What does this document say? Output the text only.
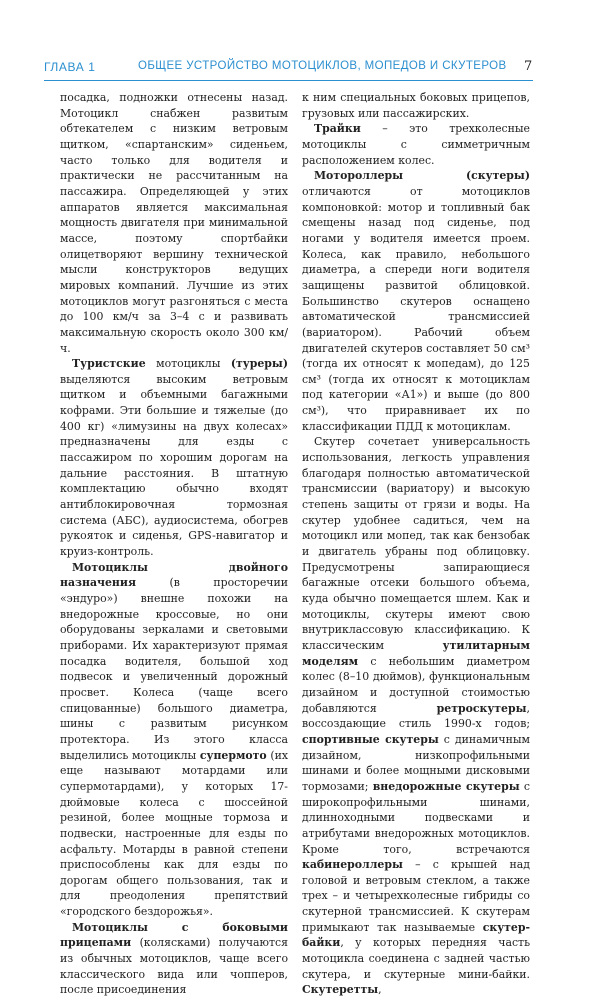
ГЛАВА 1	ОБЩЕЕ УСТРОЙСТВО МОТОЦИКЛОВ, МОПЕДОВ И СКУТЕРОВ 7

посадка, подножки отнесены назад. Мотоцикл снабжен развитым обтекателем с низким ветровым щитком, «спартанским» сиденьем, часто только для водителя и практически не рассчитанным на пассажира. Определяющей у этих аппаратов является максимальная мощность двигателя при минимальной массе, поэтому спортбайки олицетворяют вершину технической мысли конструкторов ведущих мировых компаний. Лучшие из этих мотоциклов могут разгоняться с места до 100 км/ч за 3–4 с и развивать максимальную скорость около 300 км/ч.

Туристские мотоциклы (туреры) выделяются высоким ветровым щитком и объемными багажными кофрами. Эти большие и тяжелые (до 400 кг) «лимузины на двух колесах» предназначены для езды с пассажиром по хорошим дорогам на дальние расстояния. В штатную комплектацию обычно входят антиблокировочная тормозная система (АБС), аудиосистема, обогрев рукояток и сиденья, GPS-навигатор и круиз-контроль.

Мотоциклы двойного назначения (в просторечии «эндуро») внешне похожи на внедорожные кроссовые, но они оборудованы зеркалами и световыми приборами. Их характеризуют прямая посадка водителя, большой ход подвесок и увеличенный дорожный просвет. Колеса (чаще всего спицованные) большого диаметра, шины с развитым рисунком протектора. Из этого класса выделились мотоциклы супермото (их еще называют мотардами или супермотардами), у которых 17-дюймовые колеса с шоссейной резиной, более мощные тормоза и подвески, настроенные для езды по асфальту. Мотарды в равной степени приспособлены как для езды по дорогам общего пользования, так и для преодоления препятствий «городского бездорожья».

Мотоциклы с боковыми прицепами (колясками) получаются из обычных мотоциклов, чаще всего классического вида или чопперов, после присоединения

к ним специальных боковых прицепов, грузовых или пассажирских.

Трайки – это трехколесные мотоциклы с симметричным расположением колес.

Мотороллеры (скутеры) отличаются от мотоциклов компоновкой: мотор и топливный бак смещены назад под сиденье, под ногами у водителя имеется проем. Колеса, как правило, небольшого диаметра, а спереди ноги водителя защищены развитой облицовкой. Большинство скутеров оснащено автоматической трансмиссией (вариатором). Рабочий объем двигателей скутеров составляет 50 см³ (тогда их относят к мопедам), до 125 см³ (тогда их относят к мотоциклам под категории «А1») и выше (до 800 см³), что приравнивает их по классификации ПДД к мотоциклам.

Скутер сочетает универсальность использования, легкость управления благодаря полностью автоматической трансмиссии (вариатору) и высокую степень защиты от грязи и воды. На скутер удобнее садиться, чем на мотоцикл или мопед, так как бензобак и двигатель убраны под облицовку. Предусмотрены запирающиеся багажные отсеки большого объема, куда обычно помещается шлем. Как и мотоциклы, скутеры имеют свою внутриклассовую классификацию. К классическим утилитарным моделям с небольшим диаметром колес (8–10 дюймов), функциональным дизайном и доступной стоимостью добавляются ретроскутеры, воссоздающие стиль 1990-х годов; спортивные скутеры с динамичным дизайном, низкопрофильными шинами и более мощными дисковыми тормозами; внедорожные скутеры с широкопрофильными шинами, длинноходными подвесками и атрибутами внедорожных мотоциклов. Кроме того, встречаются кабинероллеры – с крышей над головой и ветровым стеклом, а также трех – и четырехколесные гибриды со скутерной трансмиссией. К скутерам примыкают так называемые скутер-байки, у которых передняя часть мотоцикла соединена с задней частью скутера, и скутерные мини-байки. Скутеретты,
